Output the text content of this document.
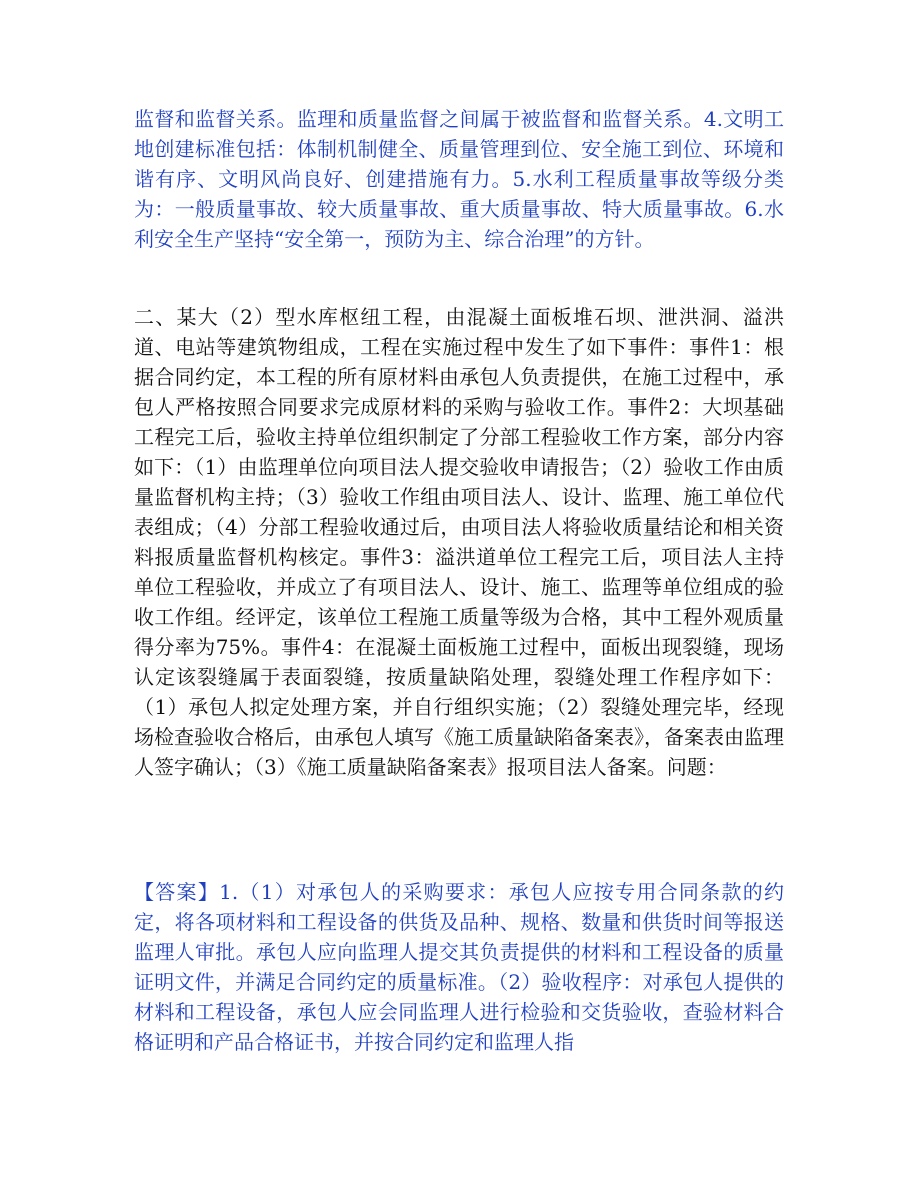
监督和监督关系。监理和质量监督之间属于被监督和监督关系。4.文明工地创建标准包括：体制机制健全、质量管理到位、安全施工到位、环境和谐有序、文明风尚良好、创建措施有力。5.水利工程质量事故等级分类为：一般质量事故、较大质量事故、重大质量事故、特大质量事故。6.水利安全生产坚持“安全第一，预防为主、综合治理”的方针。

二、某大（2）型水库枢纽工程，由混凝土面板堆石坝、泄洪洞、溢洪道、电站等建筑物组成，工程在实施过程中发生了如下事件：事件1：根据合同约定，本工程的所有原材料由承包人负责提供，在施工过程中，承包人严格按照合同要求完成原材料的采购与验收工作。事件2：大坝基础工程完工后，验收主持单位组织制定了分部工程验收工作方案，部分内容如下：（1）由监理单位向项目法人提交验收申请报告；（2）验收工作由质量监督机构主持；（3）验收工作组由项目法人、设计、监理、施工单位代表组成；（4）分部工程验收通过后，由项目法人将验收质量结论和相关资料报质量监督机构核定。事件3：溢洪道单位工程完工后，项目法人主持单位工程验收，并成立了有项目法人、设计、施工、监理等单位组成的验收工作组。经评定，该单位工程施工质量等级为合格，其中工程外观质量得分率为75%。事件4：在混凝土面板施工过程中，面板出现裂缝，现场认定该裂缝属于表面裂缝，按质量缺陷处理，裂缝处理工作程序如下：（1）承包人拟定处理方案，并自行组织实施；（2）裂缝处理完毕，经现场检查验收合格后，由承包人填写《施工质量缺陷备案表》，备案表由监理人签字确认；（3）《施工质量缺陷备案表》报项目法人备案。问题：

【答案】1.（1）对承包人的采购要求：承包人应按专用合同条款的约定，将各项材料和工程设备的供货及品种、规格、数量和供货时间等报送监理人审批。承包人应向监理人提交其负责提供的材料和工程设备的质量证明文件，并满足合同约定的质量标准。（2）验收程序：对承包人提供的材料和工程设备，承包人应会同监理人进行检验和交货验收，查验材料合格证明和产品合格证书，并按合同约定和监理人指
